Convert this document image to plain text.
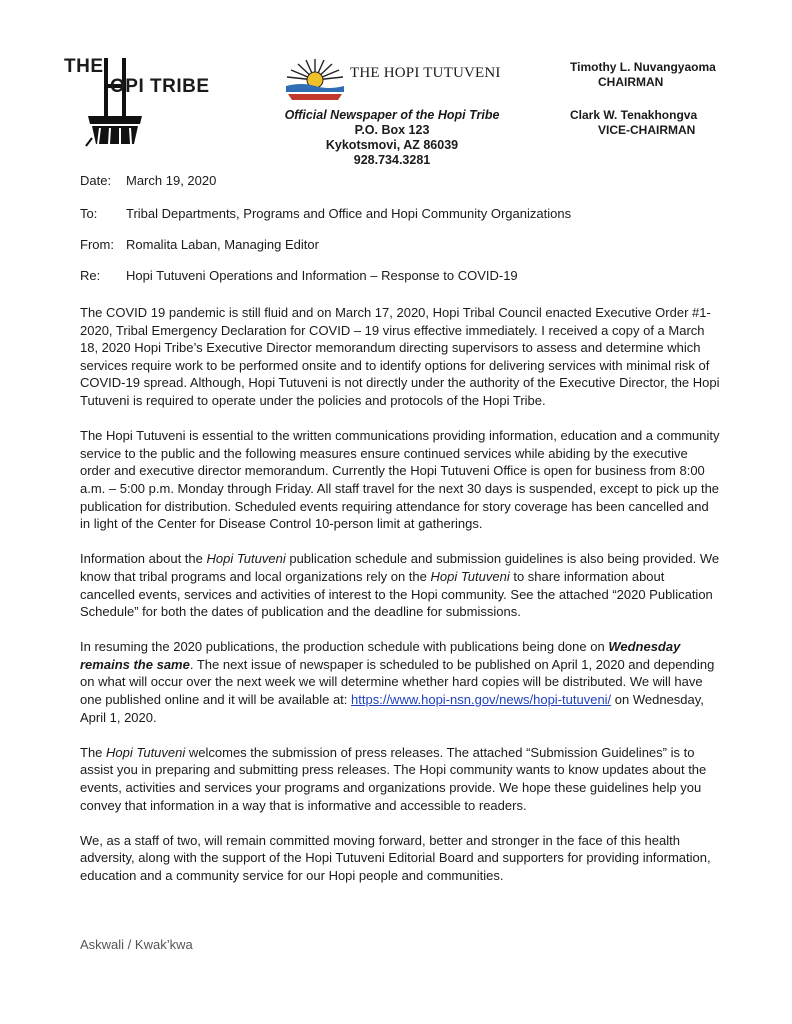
THE
OPI TRIBE
THE HOPI TUTUVENI
Official Newspaper of the Hopi Tribe
P.O. Box 123
Kykotsmovi, AZ 86039
928.734.3281
Timothy L. Nuvangyaoma
CHAIRMAN
Clark W. Tenakhongva
VICE-CHAIRMAN
Date: March 19, 2020
To: Tribal Departments, Programs and Office and Hopi Community Organizations
From: Romalita Laban, Managing Editor
Re: Hopi Tutuveni Operations and Information – Response to COVID-19

The COVID 19 pandemic is still fluid and on March 17, 2020, Hopi Tribal Council enacted Executive Order #1-2020, Tribal Emergency Declaration for COVID – 19 virus effective immediately. I received a copy of a March 18, 2020 Hopi Tribe’s Executive Director memorandum directing supervisors to assess and determine which services require work to be performed onsite and to identify options for delivering services with minimal risk of COVID-19 spread. Although, Hopi Tutuveni is not directly under the authority of the Executive Director, the Hopi Tutuveni is required to operate under the policies and protocols of the Hopi Tribe.

The Hopi Tutuveni is essential to the written communications providing information, education and a community service to the public and the following measures ensure continued services while abiding by the executive order and executive director memorandum. Currently the Hopi Tutuveni Office is open for business from 8:00 a.m. – 5:00 p.m. Monday through Friday. All staff travel for the next 30 days is suspended, except to pick up the publication for distribution. Scheduled events requiring attendance for story coverage has been cancelled and in light of the Center for Disease Control 10-person limit at gatherings.

Information about the Hopi Tutuveni publication schedule and submission guidelines is also being provided. We know that tribal programs and local organizations rely on the Hopi Tutuveni to share information about cancelled events, services and activities of interest to the Hopi community. See the attached “2020 Publication Schedule” for both the dates of publication and the deadline for submissions.

In resuming the 2020 publications, the production schedule with publications being done on Wednesday remains the same. The next issue of newspaper is scheduled to be published on April 1, 2020 and depending on what will occur over the next week we will determine whether hard copies will be distributed. We will have one published online and it will be available at: https://www.hopi-nsn.gov/news/hopi-tutuveni/ on Wednesday, April 1, 2020.

The Hopi Tutuveni welcomes the submission of press releases. The attached “Submission Guidelines” is to assist you in preparing and submitting press releases. The Hopi community wants to know updates about the events, activities and services your programs and organizations provide. We hope these guidelines help you convey that information in a way that is informative and accessible to readers.

We, as a staff of two, will remain committed moving forward, better and stronger in the face of this health adversity, along with the support of the Hopi Tutuveni Editorial Board and supporters for providing information, education and a community service for our Hopi people and communities.

Askwali / Kwak’kwa
